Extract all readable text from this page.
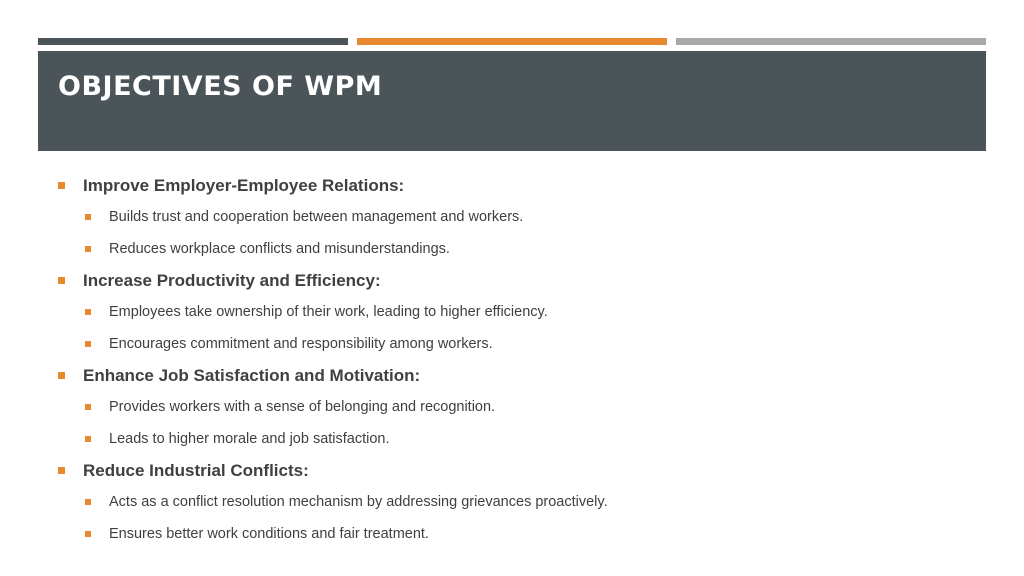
OBJECTIVES OF WPM
Improve Employer-Employee Relations:
Builds trust and cooperation between management and workers.
Reduces workplace conflicts and misunderstandings.
Increase Productivity and Efficiency:
Employees take ownership of their work, leading to higher efficiency.
Encourages commitment and responsibility among workers.
Enhance Job Satisfaction and Motivation:
Provides workers with a sense of belonging and recognition.
Leads to higher morale and job satisfaction.
Reduce Industrial Conflicts:
Acts as a conflict resolution mechanism by addressing grievances proactively.
Ensures better work conditions and fair treatment.
